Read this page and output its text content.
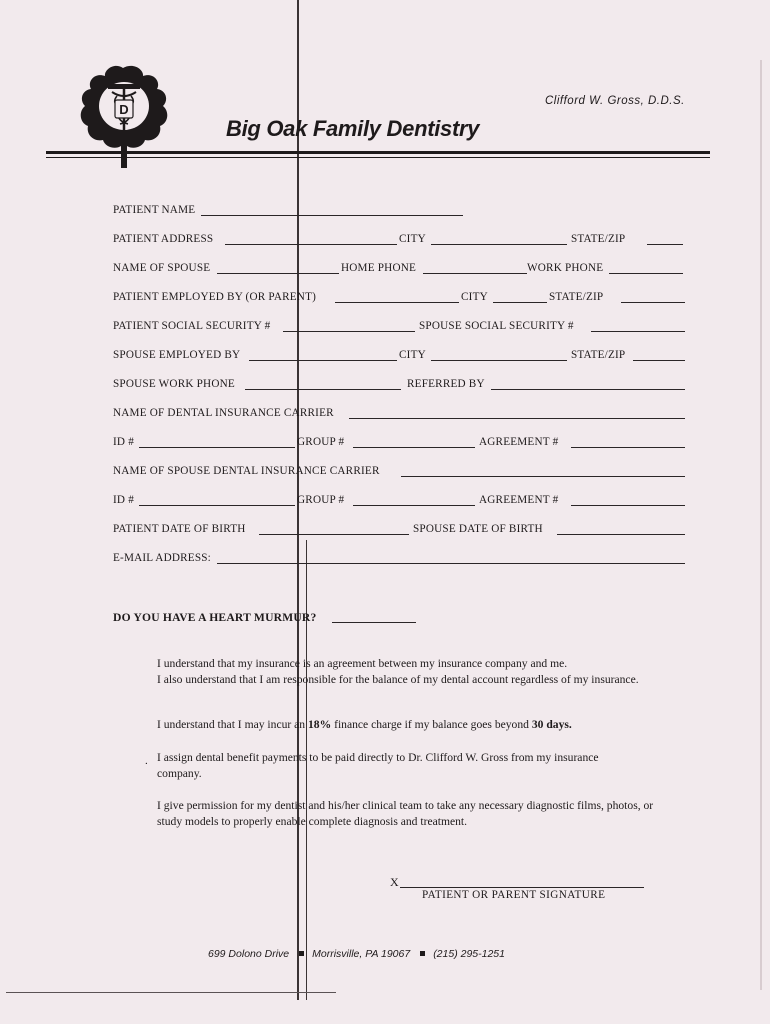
D
Clifford W. Gross, D.D.S.
Big Oak Family Dentistry
PATIENT NAME
PATIENT ADDRESS	CITY	STATE/ZIP
NAME OF SPOUSE	HOME PHONE	WORK PHONE
PATIENT EMPLOYED BY (OR PARENT)	CITY	STATE/ZIP
PATIENT SOCIAL SECURITY #	SPOUSE SOCIAL SECURITY #
SPOUSE EMPLOYED BY	CITY	STATE/ZIP
SPOUSE WORK PHONE	REFERRED BY
NAME OF DENTAL INSURANCE CARRIER
ID #	GROUP #	AGREEMENT #
NAME OF SPOUSE DENTAL INSURANCE CARRIER
ID #	GROUP #	AGREEMENT #
PATIENT DATE OF BIRTH	SPOUSE DATE OF BIRTH
E-MAIL ADDRESS:
DO YOU HAVE A HEART MURMUR?

I understand that my insurance is an agreement between my insurance company and me.
I also understand that I am responsible for the balance of my dental account regardless of my insurance.

I understand that I may incur an 18% finance charge if my balance goes beyond 30 days.

. I assign dental benefit payments to be paid directly to Dr. Clifford W. Gross from my insurance company.

I give permission for my dentist and his/her clinical team to take any necessary diagnostic films, photos, or study models to properly enable complete diagnosis and treatment.

X
PATIENT OR PARENT SIGNATURE
699 Dolono Drive Morrisville, PA 19067 (215) 295-1251
